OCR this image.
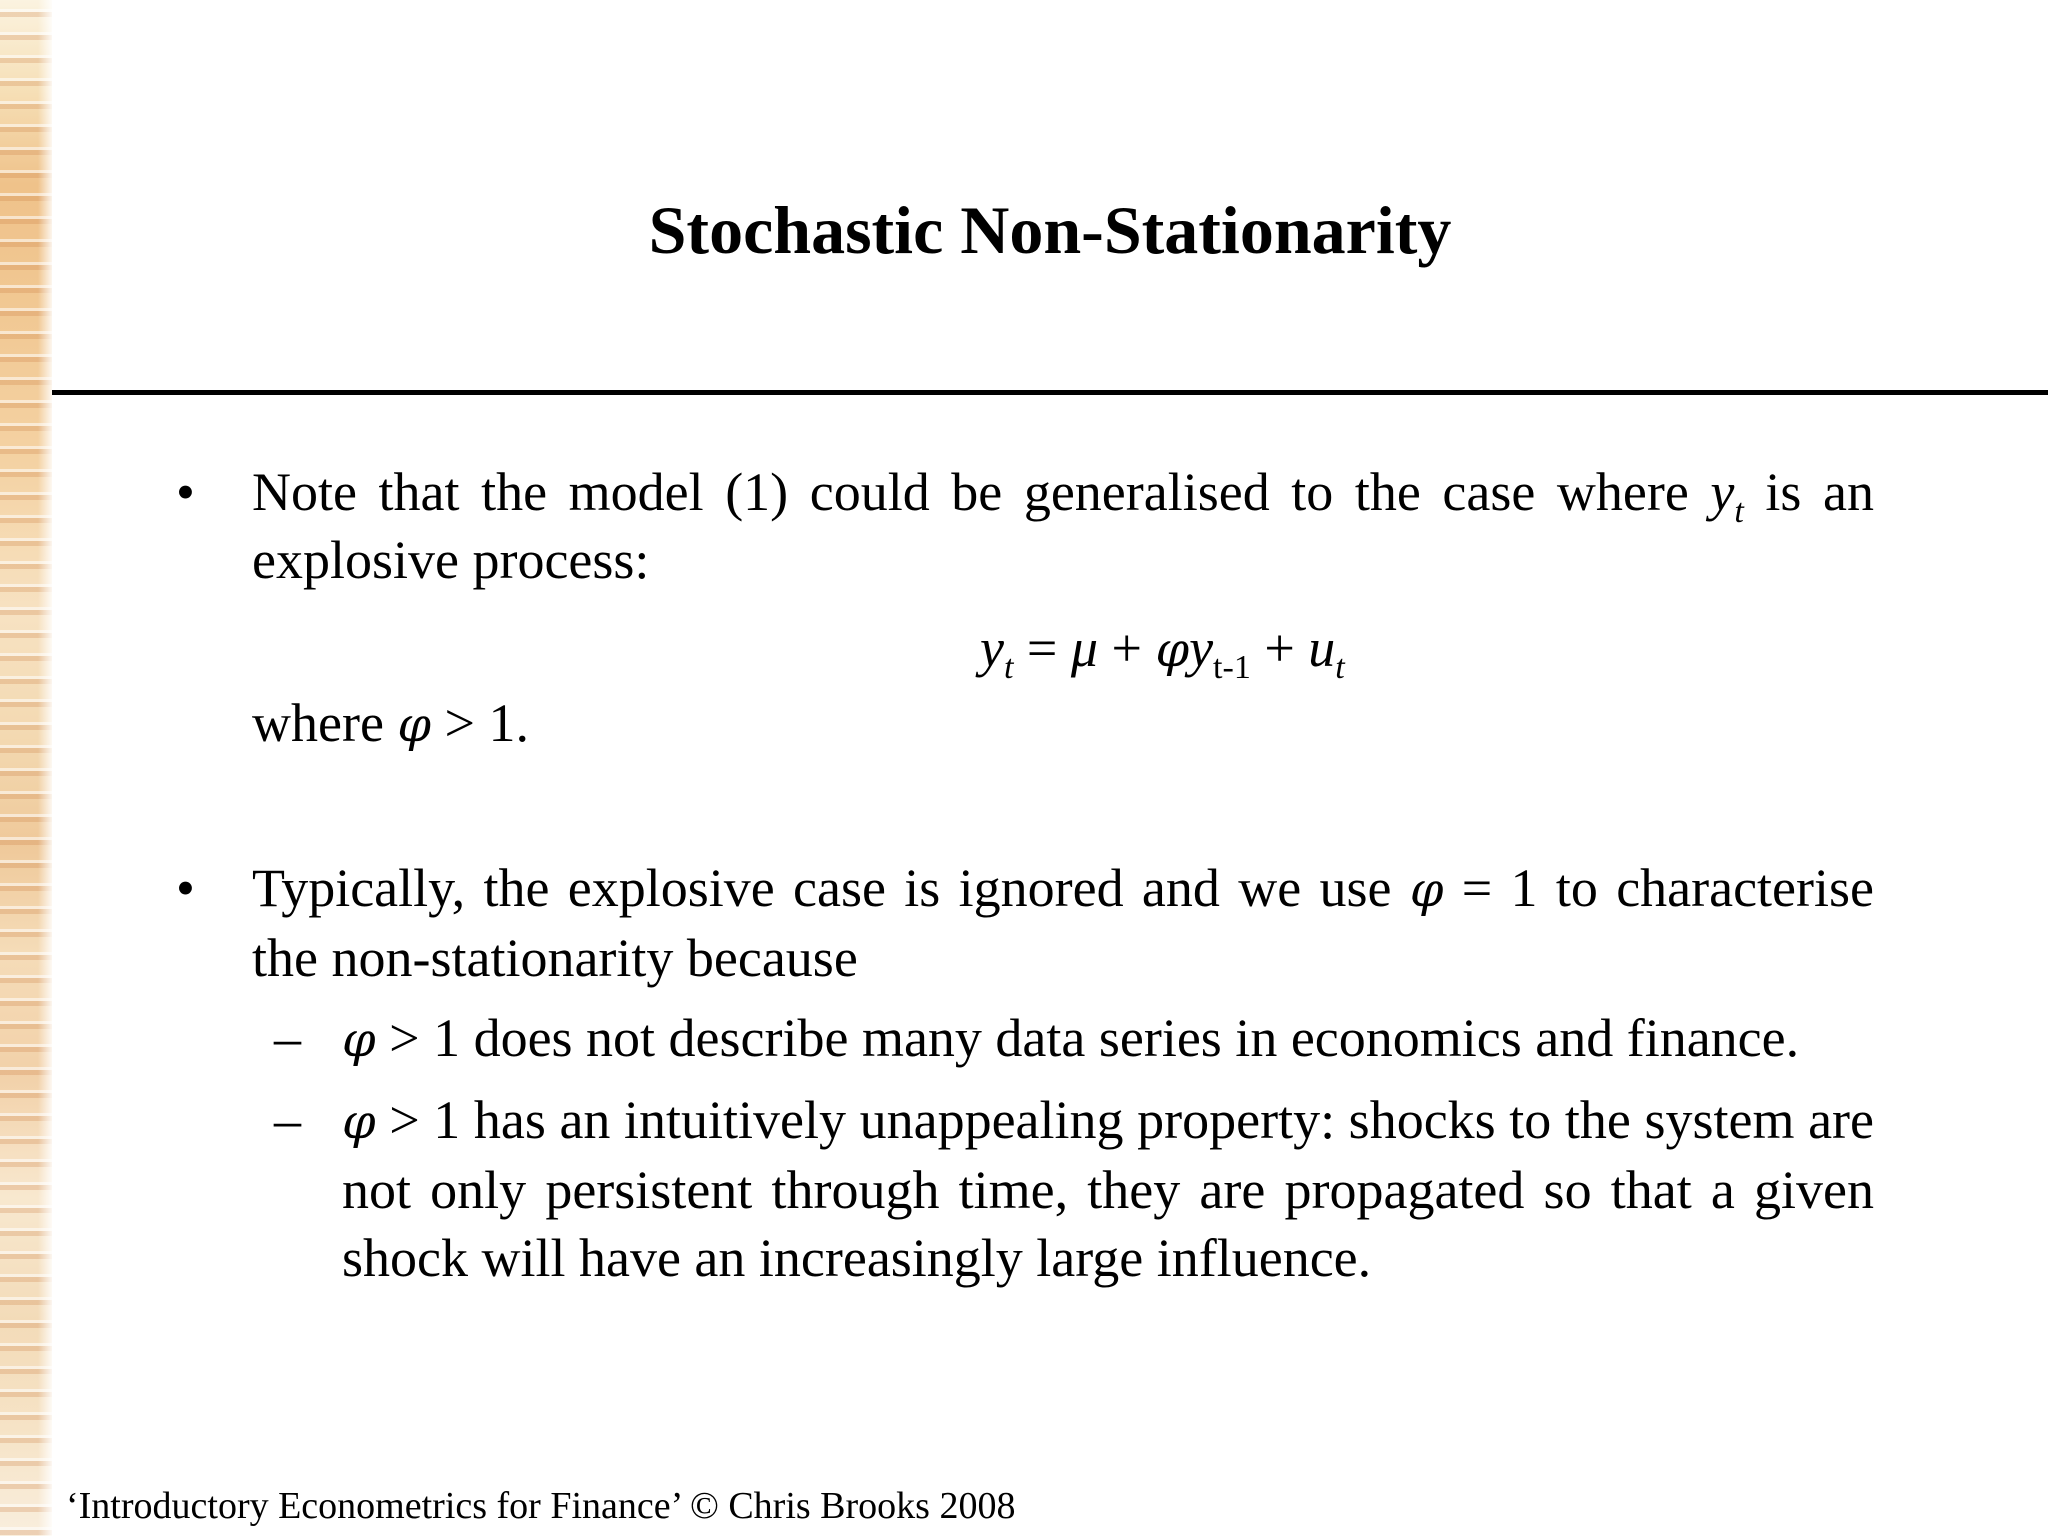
Stochastic Non-Stationarity
• Note that the model (1) could be generalised to the case where $y_t$ is an explosive process:
$y_t = \mu + \varphi y_{t-1} + u_t$
where φ > 1.
• Typically, the explosive case is ignored and we use φ = 1 to characterise the non-stationarity because
– φ > 1 does not describe many data series in economics and finance.
– φ > 1 has an intuitively unappealing property: shocks to the system are not only persistent through time, they are propagated so that a given shock will have an increasingly large influence.
‘Introductory Econometrics for Finance’ © Chris Brooks 2008
